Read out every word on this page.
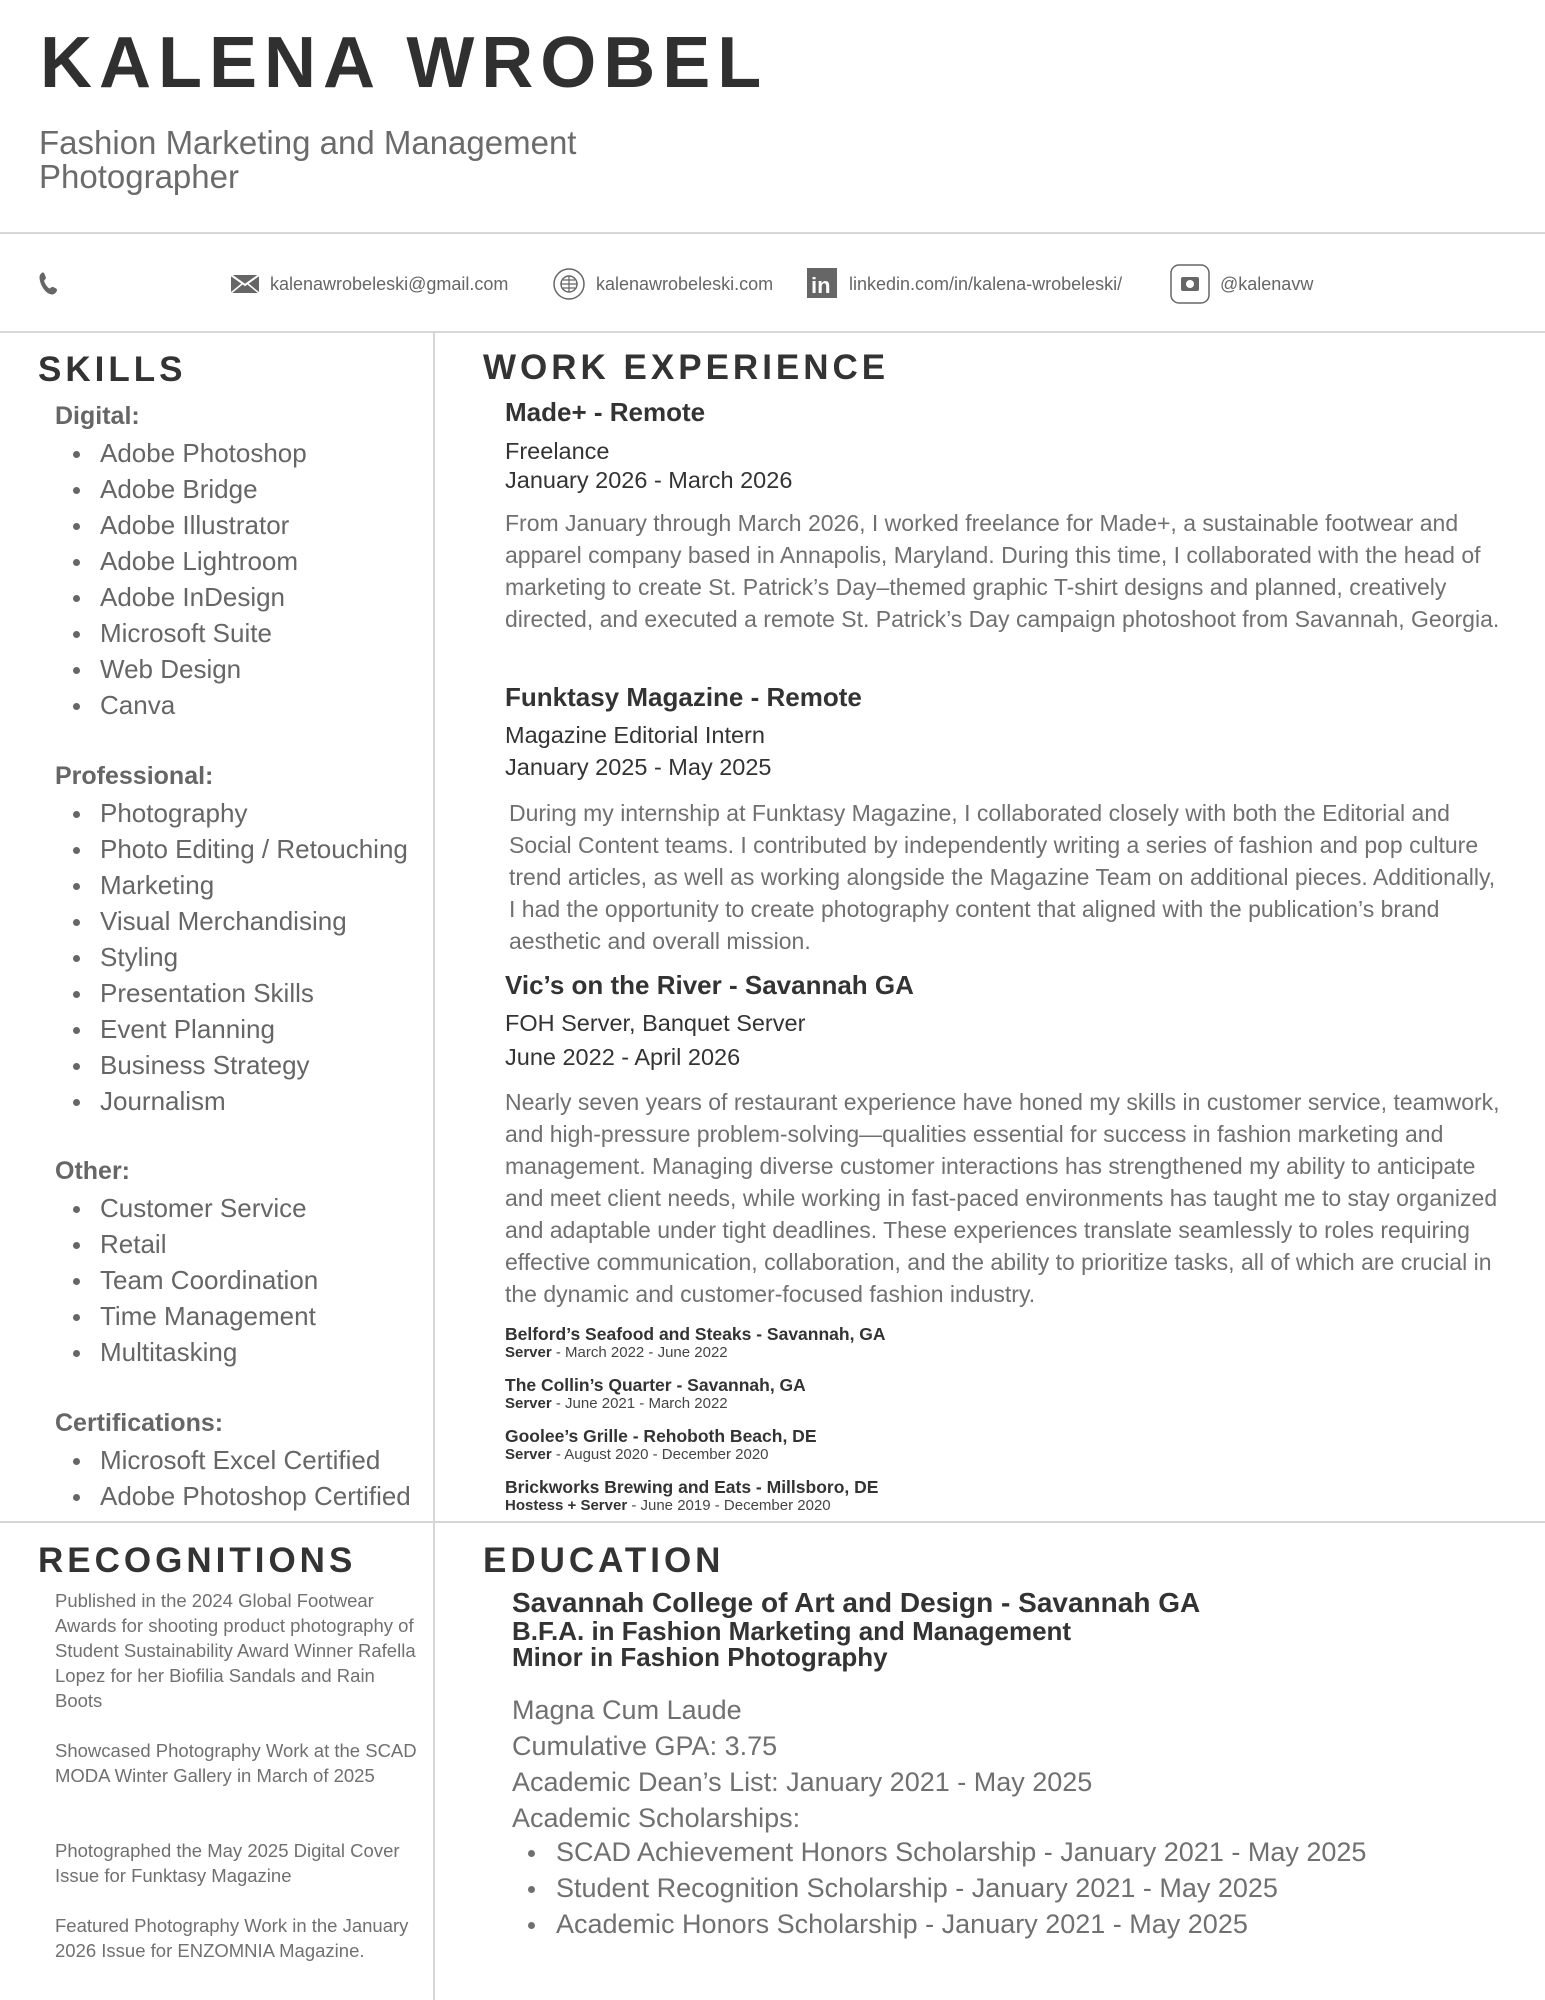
KALENA WROBEL
Fashion Marketing and Management
Photographer
kalenawrobeleski@gmail.com	kalenawrobeleski.com in linkedin.com/in/kalena-wrobeleski/	@kalenavw
SKILLS
Digital:
Adobe Photoshop
Adobe Bridge
Adobe Illustrator
Adobe Lightroom
Adobe InDesign
Microsoft Suite
Web Design
Canva
Professional:
Photography
Photo Editing / Retouching
Marketing
Visual Merchandising
Styling
Presentation Skills
Event Planning
Business Strategy
Journalism
Other:
Customer Service
Retail
Team Coordination
Time Management
Multitasking
Certifications:
Microsoft Excel Certified
Adobe Photoshop Certified
WORK EXPERIENCE
Made+ - Remote
Freelance
January 2026 - March 2026
From January through March 2026, I worked freelance for Made+, a sustainable footwear and apparel company based in Annapolis, Maryland. During this time, I collaborated with the head of marketing to create St. Patrick’s Day–themed graphic T-shirt designs and planned, creatively directed, and executed a remote St. Patrick’s Day campaign photoshoot from Savannah, Georgia.
Funktasy Magazine - Remote
Magazine Editorial Intern
January 2025 - May 2025
During my internship at Funktasy Magazine, I collaborated closely with both the Editorial and Social Content teams. I contributed by independently writing a series of fashion and pop culture trend articles, as well as working alongside the Magazine Team on additional pieces. Additionally, I had the opportunity to create photography content that aligned with the publication’s brand aesthetic and overall mission.
Vic’s on the River - Savannah GA
FOH Server, Banquet Server
June 2022 - April 2026
Nearly seven years of restaurant experience have honed my skills in customer service, teamwork, and high-pressure problem-solving—qualities essential for success in fashion marketing and management. Managing diverse customer interactions has strengthened my ability to anticipate and meet client needs, while working in fast-paced environments has taught me to stay organized and adaptable under tight deadlines. These experiences translate seamlessly to roles requiring effective communication, collaboration, and the ability to prioritize tasks, all of which are crucial in the dynamic and customer-focused fashion industry.
Belford’s Seafood and Steaks - Savannah, GA
Server - March 2022 - June 2022
The Collin’s Quarter - Savannah, GA
Server - June 2021 - March 2022
Goolee’s Grille - Rehoboth Beach, DE
Server - August 2020 - December 2020
Brickworks Brewing and Eats - Millsboro, DE
Hostess + Server - June 2019 - December 2020
RECOGNITIONS
Published in the 2024 Global Footwear Awards for shooting product photography of Student Sustainability Award Winner Rafella Lopez for her Biofilia Sandals and Rain Boots
Showcased Photography Work at the SCAD MODA Winter Gallery in March of 2025
Photographed the May 2025 Digital Cover Issue for Funktasy Magazine
Featured Photography Work in the January 2026 Issue for ENZOMNIA Magazine.
EDUCATION
Savannah College of Art and Design - Savannah GA
B.F.A. in Fashion Marketing and Management
Minor in Fashion Photography
Magna Cum Laude
Cumulative GPA: 3.75
Academic Dean’s List: January 2021 - May 2025
Academic Scholarships:
SCAD Achievement Honors Scholarship - January 2021 - May 2025
Student Recognition Scholarship - January 2021 - May 2025
Academic Honors Scholarship - January 2021 - May 2025
